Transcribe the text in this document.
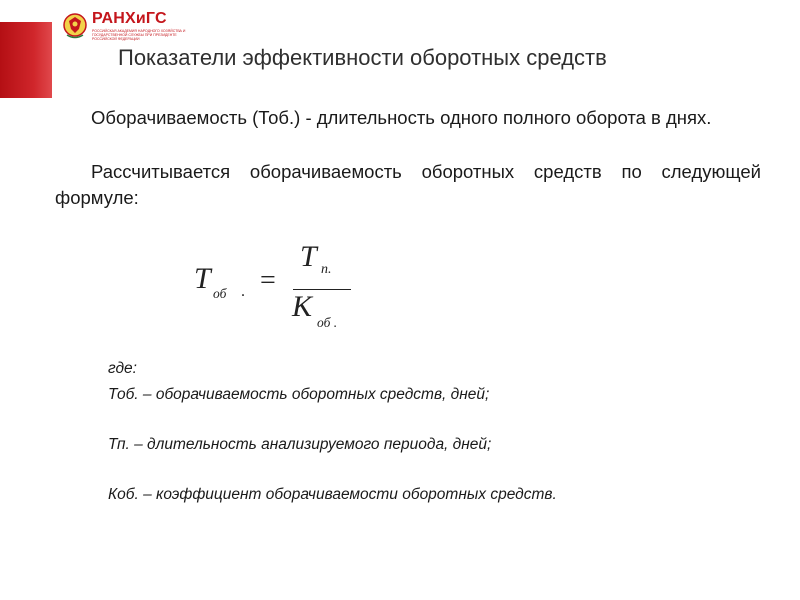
РАНХиГС
РОССИЙСКАЯ АКАДЕМИЯ НАРОДНОГО ХОЗЯЙСТВА И ГОСУДАРСТВЕННОЙ СЛУЖБЫ ПРИ ПРЕЗИДЕНТЕ РОССИЙСКОЙ ФЕДЕРАЦИИ
Показатели эффективности оборотных средств

Оборачиваемость (Тоб.) - длительность одного полного оборота в днях.

Рассчитывается оборачиваемость оборотных средств по следующей формуле:

T об . =
T п.
К об .
где:
Тоб. – оборачиваемость оборотных средств, дней;
Тп. – длительность анализируемого периода, дней;
Коб. – коэффициент оборачиваемости оборотных средств.
